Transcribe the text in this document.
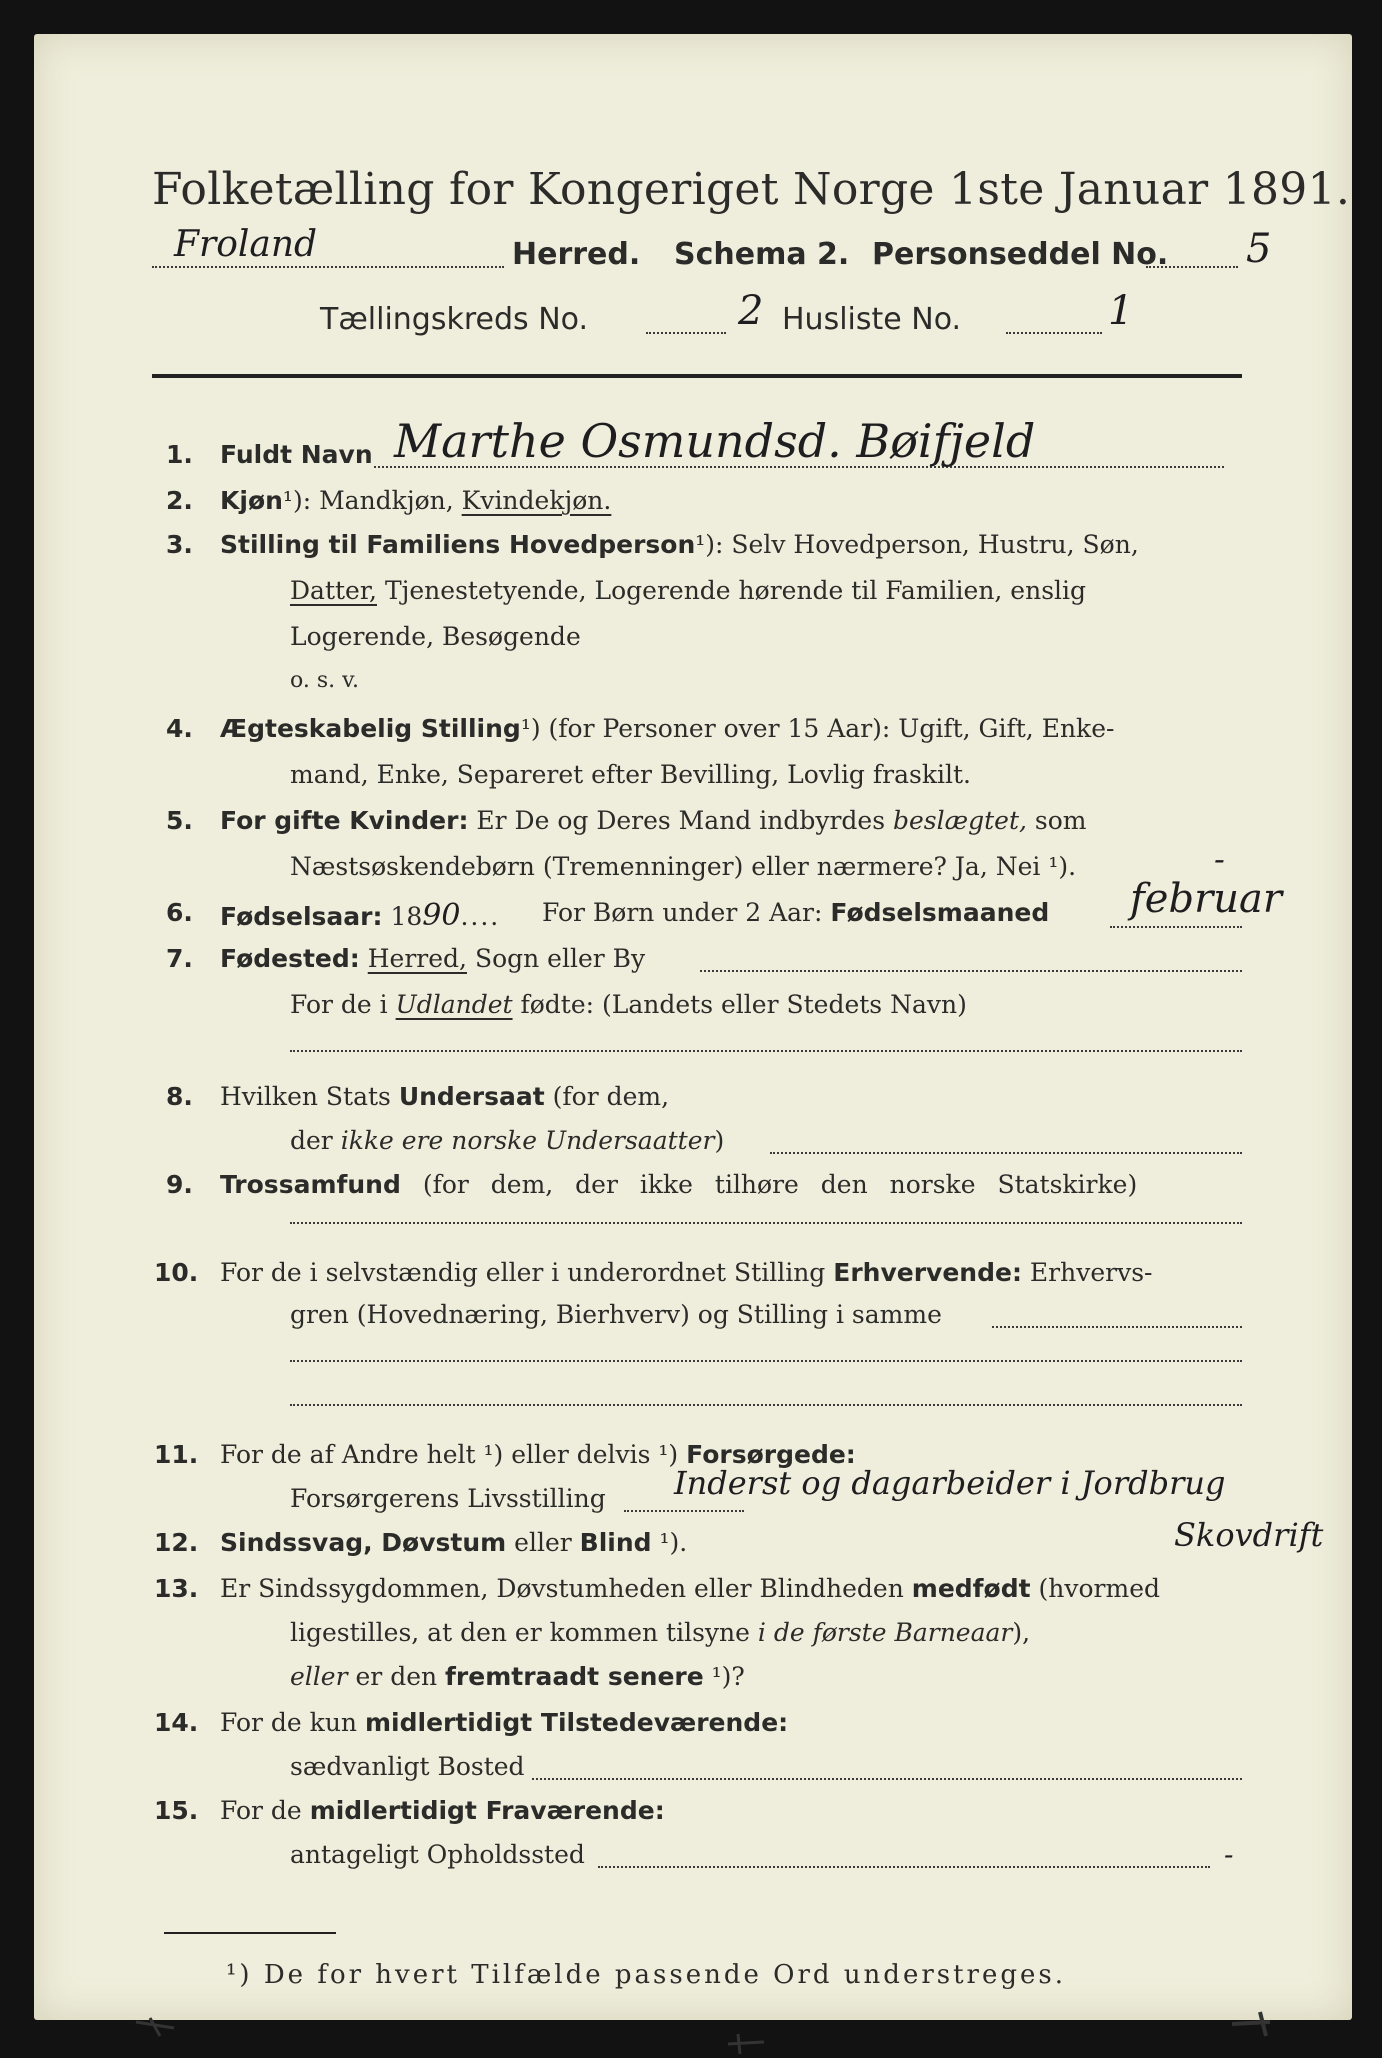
Folketælling for Kongeriget Norge 1ste Januar 1891.
Froland	Herred. Schema 2. Personseddel No. 5
Tællingskreds No.	2 Husliste No.	1
1. Fuldt Navn Marthe Osmundsd. Bøifjeld
2. Kjøn¹): Mandkjøn, Kvindekjøn.
3. Stilling til Familiens Hovedperson¹): Selv Hovedperson, Hustru, Søn,
Datter, Tjenestetyende, Logerende hørende til Familien, enslig
Logerende, Besøgende
o. s. v.
4. Ægteskabelig Stilling¹) (for Personer over 15 Aar): Ugift, Gift, Enke-
mand, Enke, Separeret efter Bevilling, Lovlig fraskilt.
5. For gifte Kvinder: Er De og Deres Mand indbyrdes beslægtet, som
Næstsøskendebørn (Tremenninger) eller nærmere? Ja, Nei ¹).	-
6. Fødselsaar: 1890.... For Børn under 2 Aar: Fødselsmaaned februar
7. Fødested: Herred, Sogn eller By
For de i Udlandet fødte: (Landets eller Stedets Navn)
8. Hvilken Stats Undersaat (for dem,
der ikke ere norske Undersaatter)
9. Trossamfund (for dem, der ikke tilhøre den norske Statskirke)
10. For de i selvstændig eller i underordnet Stilling Erhvervende: Erhvervs-
gren (Hovednæring, Bierhverv) og Stilling i samme
11. For de af Andre helt ¹) eller delvis ¹) Forsørgede:
Forsørgerens Livsstilling Inderst og dagarbeider i Jordbrug
Skovdrift
12. Sindssvag, Døvstum eller Blind ¹).
13. Er Sindssygdommen, Døvstumheden eller Blindheden medfødt (hvormed
ligestilles, at den er kommen tilsyne i de første Barneaar),
eller er den fremtraadt senere ¹)?
14. For de kun midlertidigt Tilstedeværende:
sædvanligt Bosted
15. For de midlertidigt Fraværende:
antageligt Opholdssted	-
¹) De for hvert Tilfælde passende Ord understreges.
